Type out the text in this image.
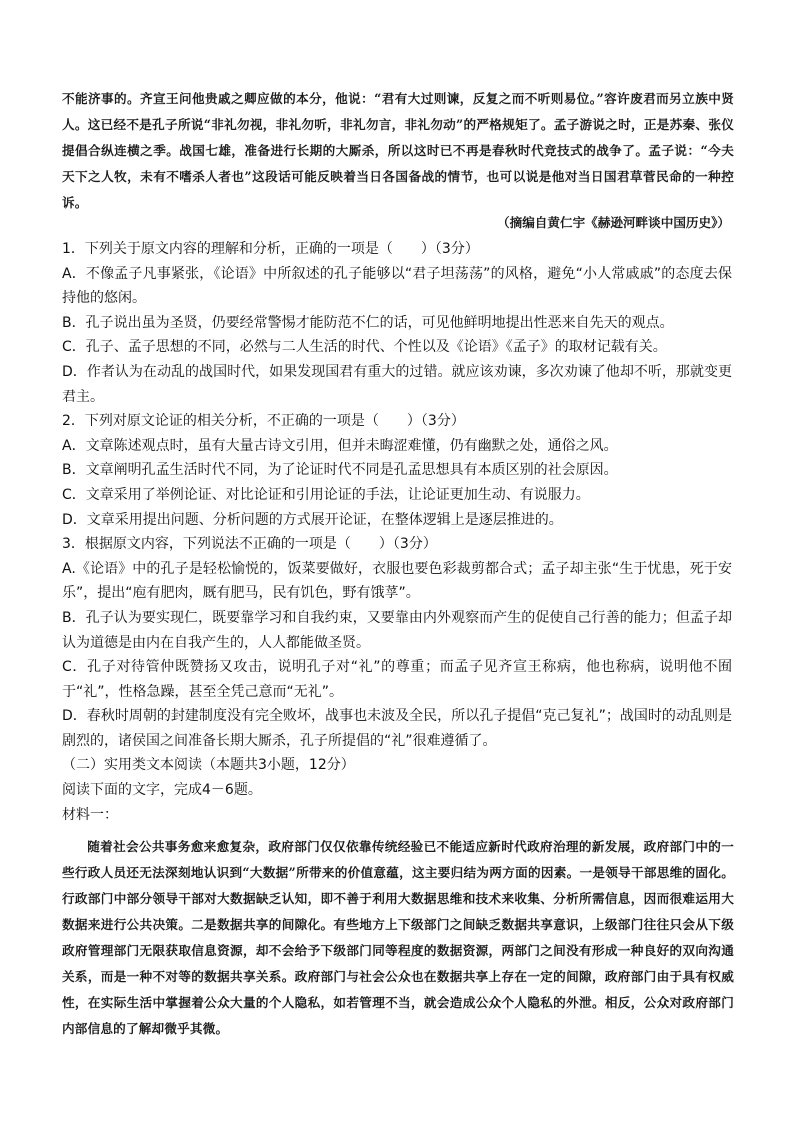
不能济事的。齐宣王问他贵戚之卿应做的本分，他说：“君有大过则谏，反复之而不听则易位。”容许废君而另立族中贤人。这已经不是孔子所说“非礼勿视，非礼勿听，非礼勿言，非礼勿动”的严格规矩了。孟子游说之时，正是苏秦、张仪提倡合纵连横之季。战国七雄，准备进行长期的大厮杀，所以这时已不再是春秋时代竞技式的战争了。孟子说：“今夫天下之人牧，未有不嗜杀人者也”这段话可能反映着当日各国备战的情节，也可以说是他对当日国君草菅民命的一种控诉。

（摘编自黄仁宇《赫逊河畔谈中国历史》）

1．下列关于原文内容的理解和分析，正确的一项是（　　）（3分）

A．不像孟子凡事紧张，《论语》中所叙述的孔子能够以“君子坦荡荡”的风格，避免“小人常戚戚”的态度去保持他的悠闲。

B．孔子说出虽为圣贤，仍要经常警惕才能防范不仁的话，可见他鲜明地提出性恶来自先天的观点。

C．孔子、孟子思想的不同，必然与二人生活的时代、个性以及《论语》《孟子》的取材记载有关。

D．作者认为在动乱的战国时代，如果发现国君有重大的过错。就应该劝谏，多次劝谏了他却不听，那就变更君主。

2．下列对原文论证的相关分析，不正确的一项是（　　）（3分）

A．文章陈述观点时，虽有大量古诗文引用，但并未晦涩难懂，仍有幽默之处，通俗之风。

B．文章阐明孔孟生活时代不同，为了论证时代不同是孔孟思想具有本质区别的社会原因。

C．文章采用了举例论证、对比论证和引用论证的手法，让论证更加生动、有说服力。

D．文章采用提出问题、分析问题的方式展开论证，在整体逻辑上是逐层推进的。

3．根据原文内容，下列说法不正确的一项是（　　）（3分）

A.《论语》中的孔子是轻松愉悦的，饭菜要做好，衣服也要色彩裁剪都合式；孟子却主张“生于忧患，死于安乐”，提出“庖有肥肉，厩有肥马，民有饥色，野有饿莩”。

B．孔子认为要实现仁，既要靠学习和自我约束，又要靠由内外观察而产生的促使自己行善的能力；但孟子却认为道德是由内在自我产生的，人人都能做圣贤。

C．孔子对待管仲既赞扬又攻击，说明孔子对“礼”的尊重；而孟子见齐宣王称病，他也称病，说明他不囿于“礼”，性格急躁，甚至全凭己意而“无礼”。

D．春秋时周朝的封建制度没有完全败坏，战事也未波及全民，所以孔子提倡“克己复礼”；战国时的动乱则是剧烈的，诸侯国之间准备长期大厮杀，孔子所提倡的“礼”很难遵循了。

（二）实用类文本阅读（本题共3小题，12分）

阅读下面的文字，完成4－6题。

材料一：

随着社会公共事务愈来愈复杂，政府部门仅仅依靠传统经验已不能适应新时代政府治理的新发展，政府部门中的一些行政人员还无法深刻地认识到“大数据”所带来的价值意蕴，这主要归结为两方面的因素。一是领导干部思维的固化。行政部门中部分领导干部对大数据缺乏认知，即不善于利用大数据思维和技术来收集、分析所需信息，因而很难运用大数据来进行公共决策。二是数据共享的间隙化。有些地方上下级部门之间缺乏数据共享意识，上级部门往往只会从下级政府管理部门无限获取信息资源，却不会给予下级部门同等程度的数据资源，两部门之间没有形成一种良好的双向沟通关系，而是一种不对等的数据共享关系。政府部门与社会公众也在数据共享上存在一定的间隙，政府部门由于具有权威性，在实际生活中掌握着公众大量的个人隐私，如若管理不当，就会造成公众个人隐私的外泄。相反，公众对政府部门内部信息的了解却微乎其微。
